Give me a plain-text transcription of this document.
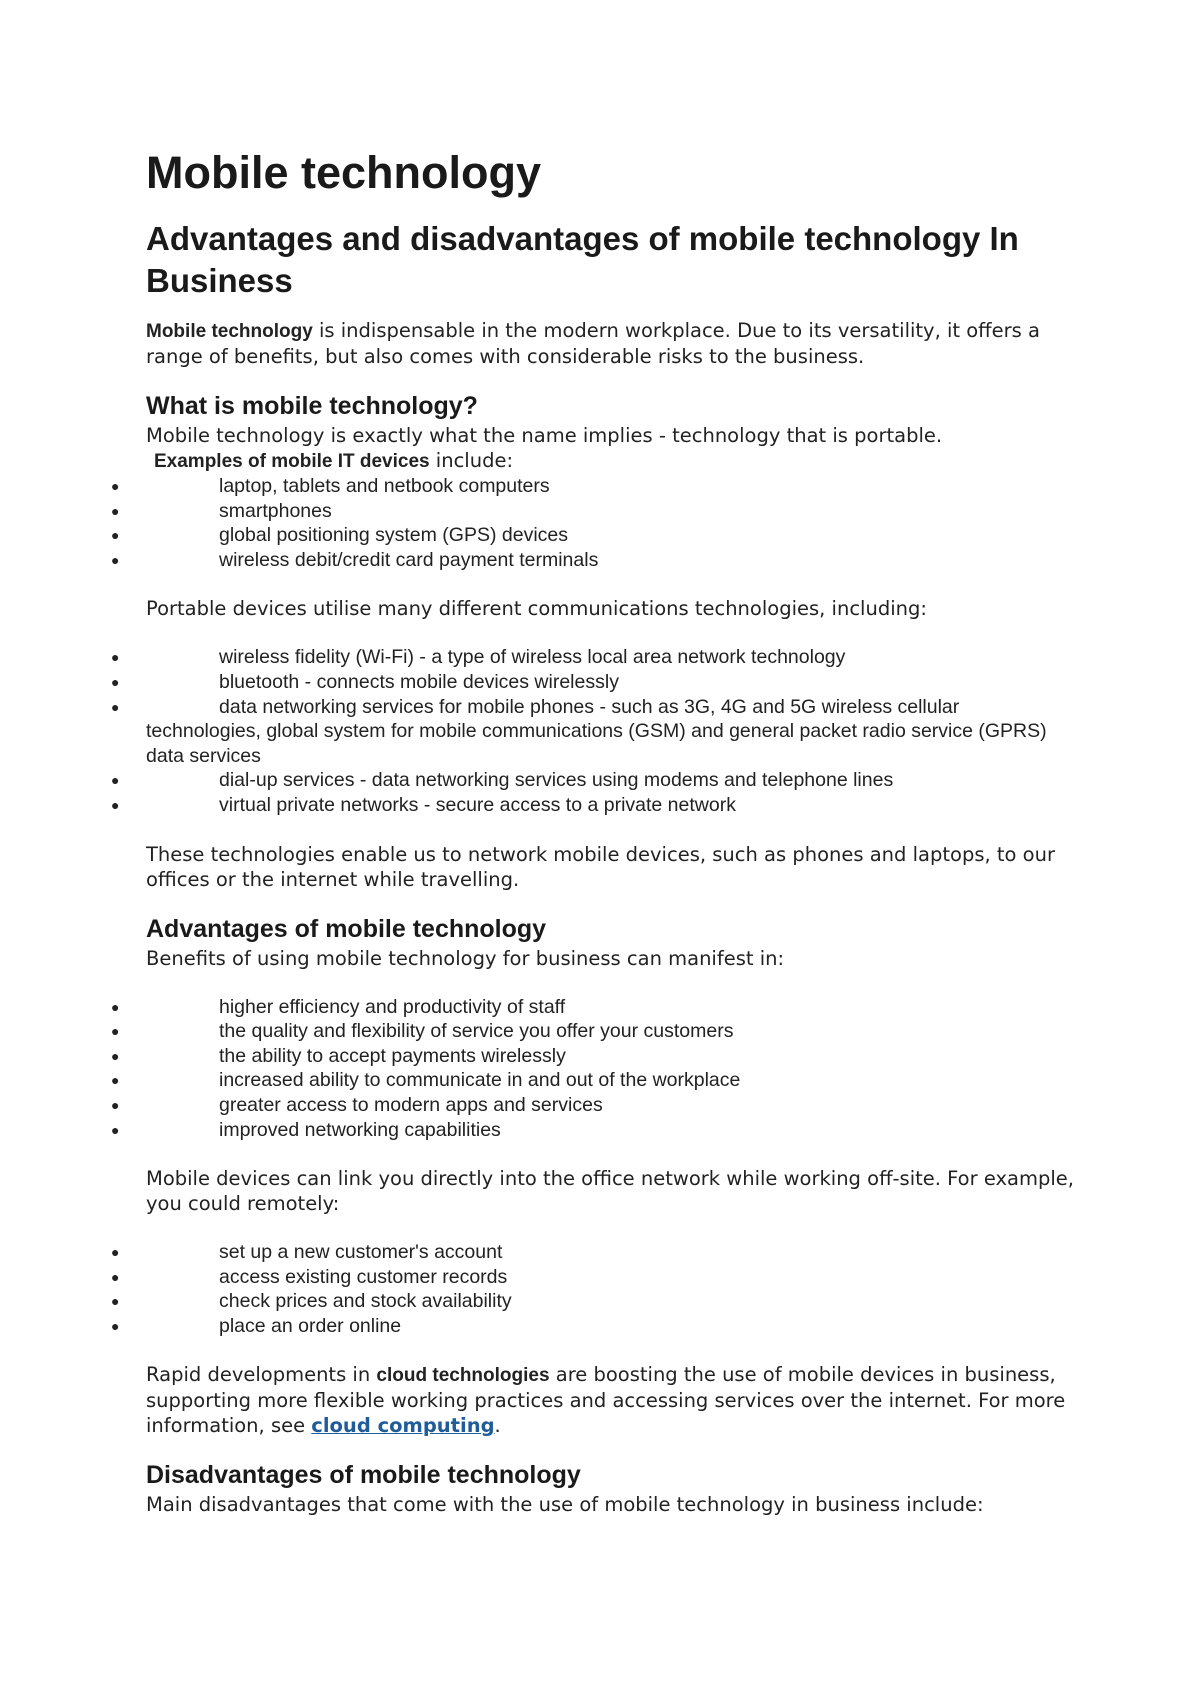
Mobile technology
Advantages and disadvantages of mobile technology In Business

Mobile technology is indispensable in the modern workplace. Due to its versatility, it offers a range of benefits, but also comes with considerable risks to the business.

What is mobile technology?

Mobile technology is exactly what the name implies - technology that is portable.

Examples of mobile IT devices include:

●	laptop, tablets and netbook computers
●	smartphones
●	global positioning system (GPS) devices
●	wireless debit/credit card payment terminals

Portable devices utilise many different communications technologies, including:

●	wireless fidelity (Wi-Fi) - a type of wireless local area network technology
●	bluetooth - connects mobile devices wirelessly
●	data networking services for mobile phones - such as 3G, 4G and 5G wireless cellular technologies, global system for mobile communications (GSM) and general packet radio service (GPRS) data services
●	dial-up services - data networking services using modems and telephone lines
●	virtual private networks - secure access to a private network

These technologies enable us to network mobile devices, such as phones and laptops, to our offices or the internet while travelling.

Advantages of mobile technology

Benefits of using mobile technology for business can manifest in:

●	higher efficiency and productivity of staff
●	the quality and flexibility of service you offer your customers
●	the ability to accept payments wirelessly
●	increased ability to communicate in and out of the workplace
●	greater access to modern apps and services
●	improved networking capabilities

Mobile devices can link you directly into the office network while working off-site. For example, you could remotely:

●	set up a new customer's account
●	access existing customer records
●	check prices and stock availability
●	place an order online

Rapid developments in cloud technologies are boosting the use of mobile devices in business, supporting more flexible working practices and accessing services over the internet. For more information, see cloud computing.

Disadvantages of mobile technology

Main disadvantages that come with the use of mobile technology in business include:
